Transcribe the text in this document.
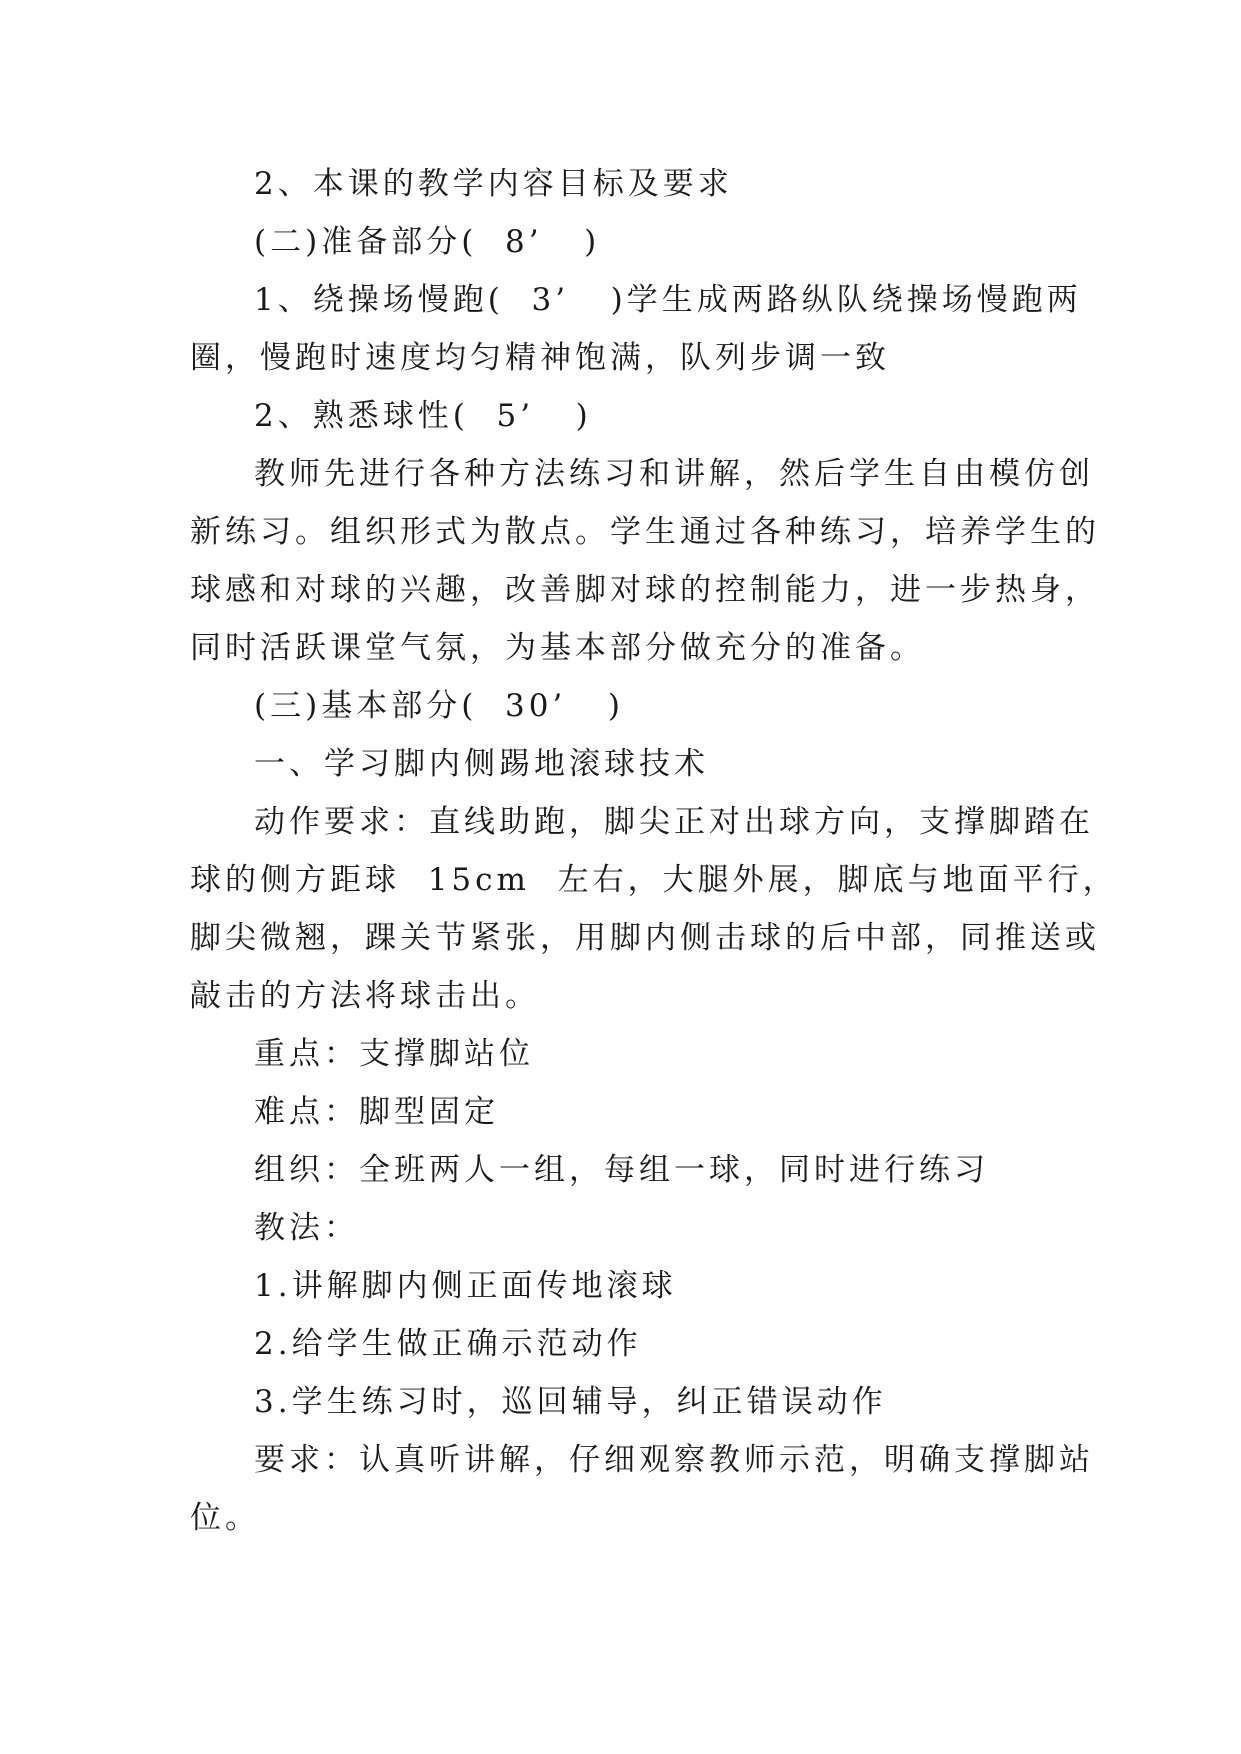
2、本课的教学内容目标及要求
(二)准备部分(  8’   )
1、绕操场慢跑(  3’   )学生成两路纵队绕操场慢跑两
圈，慢跑时速度均匀精神饱满，队列步调一致
2、熟悉球性(  5’   )
教师先进行各种方法练习和讲解，然后学生自由模仿创
新练习。组织形式为散点。学生通过各种练习，培养学生的
球感和对球的兴趣，改善脚对球的控制能力，进一步热身，
同时活跃课堂气氛，为基本部分做充分的准备。
(三)基本部分(  30’   )
一、学习脚内侧踢地滚球技术
动作要求：直线助跑，脚尖正对出球方向，支撑脚踏在
球的侧方距球  15cm  左右，大腿外展，脚底与地面平行，
脚尖微翘，踝关节紧张，用脚内侧击球的后中部，同推送或
敲击的方法将球击出。
重点：支撑脚站位
难点：脚型固定
组织：全班两人一组，每组一球，同时进行练习
教法：
1.讲解脚内侧正面传地滚球
2.给学生做正确示范动作
3.学生练习时，巡回辅导，纠正错误动作
要求：认真听讲解，仔细观察教师示范，明确支撑脚站
位。
